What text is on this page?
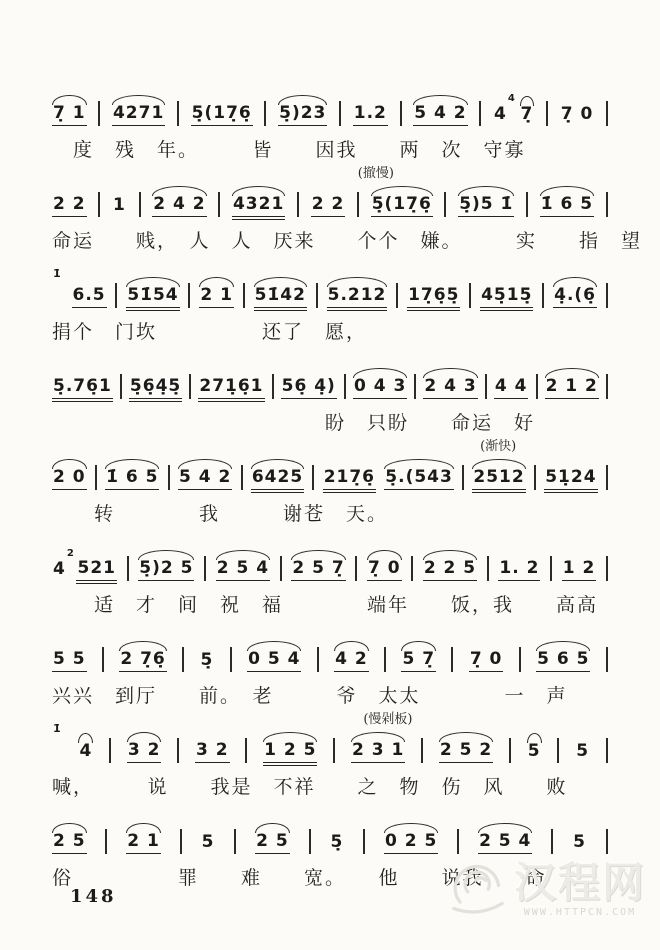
7̣ 1 4271 5̣(17̣6̣ 5̣)23 1.2 5 4 2 4
4
7̣ 7̣ 0
　度　残　年。　　　皆　　因我　　两　次　守寡
(撤慢)
2 2 1 2 4 2 4321 2 2 5̣(17̣6̣ 5̣)5 1̇ 1̇ 6 5
命运　　贱，　人　人　厌来　　个个　嫌。　　　实　　指　望
1̇
6.5 51̇54 2 1 51̇42 5.212 17̣6̣5̣ 45̣15̣ 4̣.(6̣
捐个　门坎　　　　　还了　愿，
5̣.76̣1 5̣6̣4̣5̣ 271̣6̣1 56̣ 4̣) 0 4 3 2 4 3 4 4 2 1 2
　　　　　　　　　　　　　盼　只盼　　命运　好
(渐快)
2 0 1̇ 6 5 5 4 2 6425 217̣6̣ 5̣.(543 2512 51̣24
　　转　　　　我　　　谢苍　天。
4
2
521 5̣)2 5 2 5 4 2 5 7̣ 7̣ 0 2 2 5 1. 2 1 2
　　适　才　间　祝　福　　　　端年　　饭，我　　高高
5 5 2 7̣6̣ 5̣ 0 5 4 4 2 5 7̣ 7̣ 0 5 6 5
兴兴　到厅　　前。　老　　　爷　太太　　　　一　声
(慢剁板)
1̇
4 3 2 3 2 1 2 5 2 3 1 2 5 2 5 5
喊，　　　说　　我是　不祥　　之　物　伤　风　　败
2 5 2 1 5 2 5 5̣ 0 2 5 2 5 4 5
俗　　　　　罪　　难　　宽。　　他　　说我　　命
148	汉程网
WWW.HTTPCN.COM
